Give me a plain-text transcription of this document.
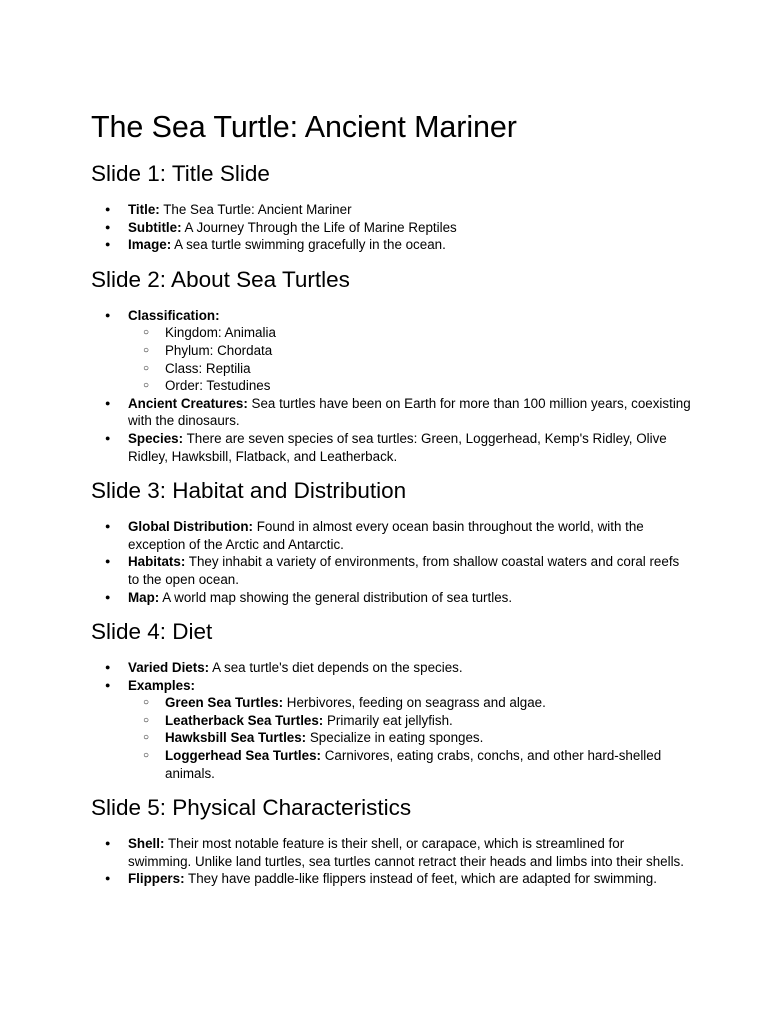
The Sea Turtle: Ancient Mariner
Slide 1: Title Slide
● Title: The Sea Turtle: Ancient Mariner
● Subtitle: A Journey Through the Life of Marine Reptiles
● Image: A sea turtle swimming gracefully in the ocean.
Slide 2: About Sea Turtles
● Classification:
○ Kingdom: Animalia
○ Phylum: Chordata
○ Class: Reptilia
○ Order: Testudines
● Ancient Creatures: Sea turtles have been on Earth for more than 100 million years, coexisting with the dinosaurs.
● Species: There are seven species of sea turtles: Green, Loggerhead, Kemp's Ridley, Olive Ridley, Hawksbill, Flatback, and Leatherback.
Slide 3: Habitat and Distribution
● Global Distribution: Found in almost every ocean basin throughout the world, with the exception of the Arctic and Antarctic.
● Habitats: They inhabit a variety of environments, from shallow coastal waters and coral reefs to the open ocean.
● Map: A world map showing the general distribution of sea turtles.
Slide 4: Diet
● Varied Diets: A sea turtle's diet depends on the species.
● Examples:
○ Green Sea Turtles: Herbivores, feeding on seagrass and algae.
○ Leatherback Sea Turtles: Primarily eat jellyfish.
○ Hawksbill Sea Turtles: Specialize in eating sponges.
○ Loggerhead Sea Turtles: Carnivores, eating crabs, conchs, and other hard-shelled animals.
Slide 5: Physical Characteristics
● Shell: Their most notable feature is their shell, or carapace, which is streamlined for swimming. Unlike land turtles, sea turtles cannot retract their heads and limbs into their shells.
● Flippers: They have paddle-like flippers instead of feet, which are adapted for swimming.
